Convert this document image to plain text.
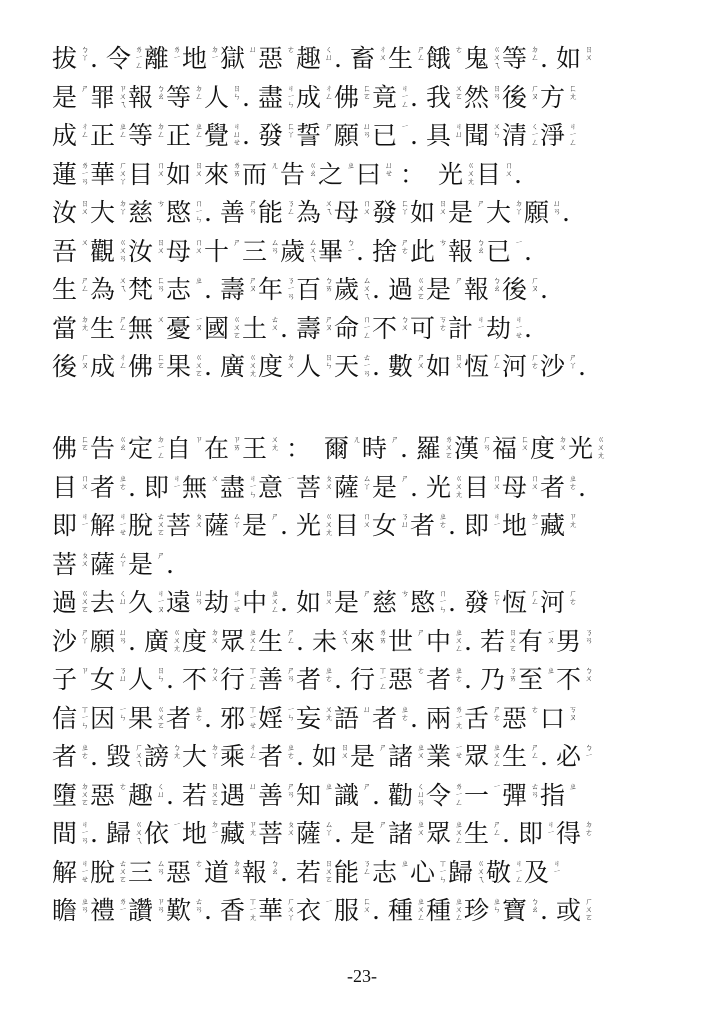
拔 ㄅㄚ . 令 ㄌㄧㄥ 離 ㄌㄧ 地 ㄉㄧ 獄 ㄩ 惡 ㄜ 趣 ㄑㄩ . 畜 ㄔㄨ 生 ㄕㄥ 餓 ㄜ 鬼 ㄍㄨㄟ 等 ㄉㄥ . 如 ㄖㄨ
是 ㄕ 罪 ㄗㄨㄟ 報 ㄅㄠ 等 ㄉㄥ 人 ㄖㄣ . 盡 ㄐㄧㄣ 成 ㄔㄥ 佛 ㄈㄛ 竟 ㄐㄧㄥ . 我 ㄨㄛ 然 ㄖㄢ 後 ㄏㄡ 方 ㄈㄤ
成 ㄔㄥ 正 ㄓㄥ 等 ㄉㄥ 正 ㄓㄥ 覺 ㄐㄩㄝ . 發 ㄈㄚ 誓 ㄕ 願 ㄩㄢ 已 ㄧ . 具 ㄐㄩ 聞 ㄨㄣ 清 ㄑㄧㄥ 淨 ㄐㄧㄥ
蓮 ㄌㄧㄢ 華 ㄏㄨㄚ 目 ㄇㄨ 如 ㄖㄨ 來 ㄌㄞ 而 ㄦ 告 ㄍㄠ 之 ㄓ 曰 ㄩㄝ ： 光 ㄍㄨㄤ 目 ㄇㄨ .
汝 ㄖㄨ 大 ㄉㄚ 慈 ㄘ 愍 ㄇㄧㄣ . 善 ㄕㄢ 能 ㄋㄥ 為 ㄨㄟ 母 ㄇㄨ 發 ㄈㄚ 如 ㄖㄨ 是 ㄕ 大 ㄉㄚ 願 ㄩㄢ .
吾 ㄨ 觀 ㄍㄨㄢ 汝 ㄖㄨ 母 ㄇㄨ 十 ㄕ 三 ㄙㄢ 歲 ㄙㄨㄟ 畢 ㄅㄧ . 捨 ㄕㄜ 此 ㄘ 報 ㄅㄠ 已 ㄧ .
生 ㄕㄥ 為 ㄨㄟ 梵 ㄈㄢ 志 ㄓ . 壽 ㄕㄡ 年 ㄋㄧㄢ 百 ㄅㄞ 歲 ㄙㄨㄟ . 過 ㄍㄨㄛ 是 ㄕ 報 ㄅㄠ 後 ㄏㄡ .
當 ㄉㄤ 生 ㄕㄥ 無 ㄨ 憂 ㄧㄡ 國 ㄍㄨㄛ 土 ㄊㄨ . 壽 ㄕㄡ 命 ㄇㄧㄥ 不 ㄅㄨ 可 ㄎㄜ 計 ㄐㄧ 劫 ㄐㄧㄝ .
後 ㄏㄡ 成 ㄔㄥ 佛 ㄈㄛ 果 ㄍㄨㄛ . 廣 ㄍㄨㄤ 度 ㄉㄨ 人 ㄖㄣ 天 ㄊㄧㄢ . 數 ㄕㄨ 如 ㄖㄨ 恆 ㄏㄥ 河 ㄏㄜ 沙 ㄕㄚ .
佛 ㄈㄛ 告 ㄍㄠ 定 ㄉㄧㄥ 自 ㄗ 在 ㄗㄞ 王 ㄨㄤ ： 爾 ㄦ 時 ㄕ . 羅 ㄌㄨㄛ 漢 ㄏㄢ 福 ㄈㄨ 度 ㄉㄨ 光 ㄍㄨㄤ
目 ㄇㄨ 者 ㄓㄜ . 即 ㄐㄧ 無 ㄨ 盡 ㄐㄧㄣ 意 ㄧ 菩 ㄆㄨ 薩 ㄙㄚ 是 ㄕ . 光 ㄍㄨㄤ 目 ㄇㄨ 母 ㄇㄨ 者 ㄓㄜ .
即 ㄐㄧ 解 ㄐㄧㄝ 脫 ㄊㄨㄛ 菩 ㄆㄨ 薩 ㄙㄚ 是 ㄕ . 光 ㄍㄨㄤ 目 ㄇㄨ 女 ㄋㄩ 者 ㄓㄜ . 即 ㄐㄧ 地 ㄉㄧ 藏 ㄗㄤ
菩 ㄆㄨ 薩 ㄙㄚ 是 ㄕ .
過 ㄍㄨㄛ 去 ㄑㄩ 久 ㄐㄧㄡ 遠 ㄩㄢ 劫 ㄐㄧㄝ 中 ㄓㄨㄥ . 如 ㄖㄨ 是 ㄕ 慈 ㄘ 愍 ㄇㄧㄣ . 發 ㄈㄚ 恆 ㄏㄥ 河 ㄏㄜ
沙 ㄕㄚ 願 ㄩㄢ . 廣 ㄍㄨㄤ 度 ㄉㄨ 眾 ㄓㄨㄥ 生 ㄕㄥ . 未 ㄨㄟ 來 ㄌㄞ 世 ㄕ 中 ㄓㄨㄥ . 若 ㄖㄨㄛ 有 ㄧㄡ 男 ㄋㄢ
子 ㄗ 女 ㄋㄩ 人 ㄖㄣ . 不 ㄅㄨ 行 ㄒㄧㄥ 善 ㄕㄢ 者 ㄓㄜ . 行 ㄒㄧㄥ 惡 ㄜ 者 ㄓㄜ . 乃 ㄋㄞ 至 ㄓ 不 ㄅㄨ
信 ㄒㄧㄣ 因 ㄧㄣ 果 ㄍㄨㄛ 者 ㄓㄜ . 邪 ㄒㄧㄝ 婬 ㄧㄣ 妄 ㄨㄤ 語 ㄩ 者 ㄓㄜ . 兩 ㄌㄧㄤ 舌 ㄕㄜ 惡 ㄜ 口 ㄎㄡ
者 ㄓㄜ . 毀 ㄏㄨㄟ 謗 ㄅㄤ 大 ㄉㄚ 乘 ㄔㄥ 者 ㄓㄜ . 如 ㄖㄨ 是 ㄕ 諸 ㄓㄨ 業 ㄧㄝ 眾 ㄓㄨㄥ 生 ㄕㄥ . 必 ㄅㄧ
墮 ㄉㄨㄛ 惡 ㄜ 趣 ㄑㄩ . 若 ㄖㄨㄛ 遇 ㄩ 善 ㄕㄢ 知 ㄓ 識 ㄕ . 勸 ㄑㄩㄢ 令 ㄌㄧㄥ 一 ㄧ 彈 ㄊㄢ 指 ㄓ
間 ㄐㄧㄢ . 歸 ㄍㄨㄟ 依 ㄧ 地 ㄉㄧ 藏 ㄗㄤ 菩 ㄆㄨ 薩 ㄙㄚ . 是 ㄕ 諸 ㄓㄨ 眾 ㄓㄨㄥ 生 ㄕㄥ . 即 ㄐㄧ 得 ㄉㄜ
解 ㄐㄧㄝ 脫 ㄊㄨㄛ 三 ㄙㄢ 惡 ㄜ 道 ㄉㄠ 報 ㄅㄠ . 若 ㄖㄨㄛ 能 ㄋㄥ 志 ㄓ 心 ㄒㄧㄣ 歸 ㄍㄨㄟ 敬 ㄐㄧㄥ 及 ㄐㄧ
瞻 ㄓㄢ 禮 ㄌㄧ 讚 ㄗㄢ 歎 ㄊㄢ . 香 ㄒㄧㄤ 華 ㄏㄨㄚ 衣 ㄧ 服 ㄈㄨ . 種 ㄓㄨㄥ 種 ㄓㄨㄥ 珍 ㄓㄣ 寶 ㄅㄠ . 或 ㄏㄨㄛ
-23-
